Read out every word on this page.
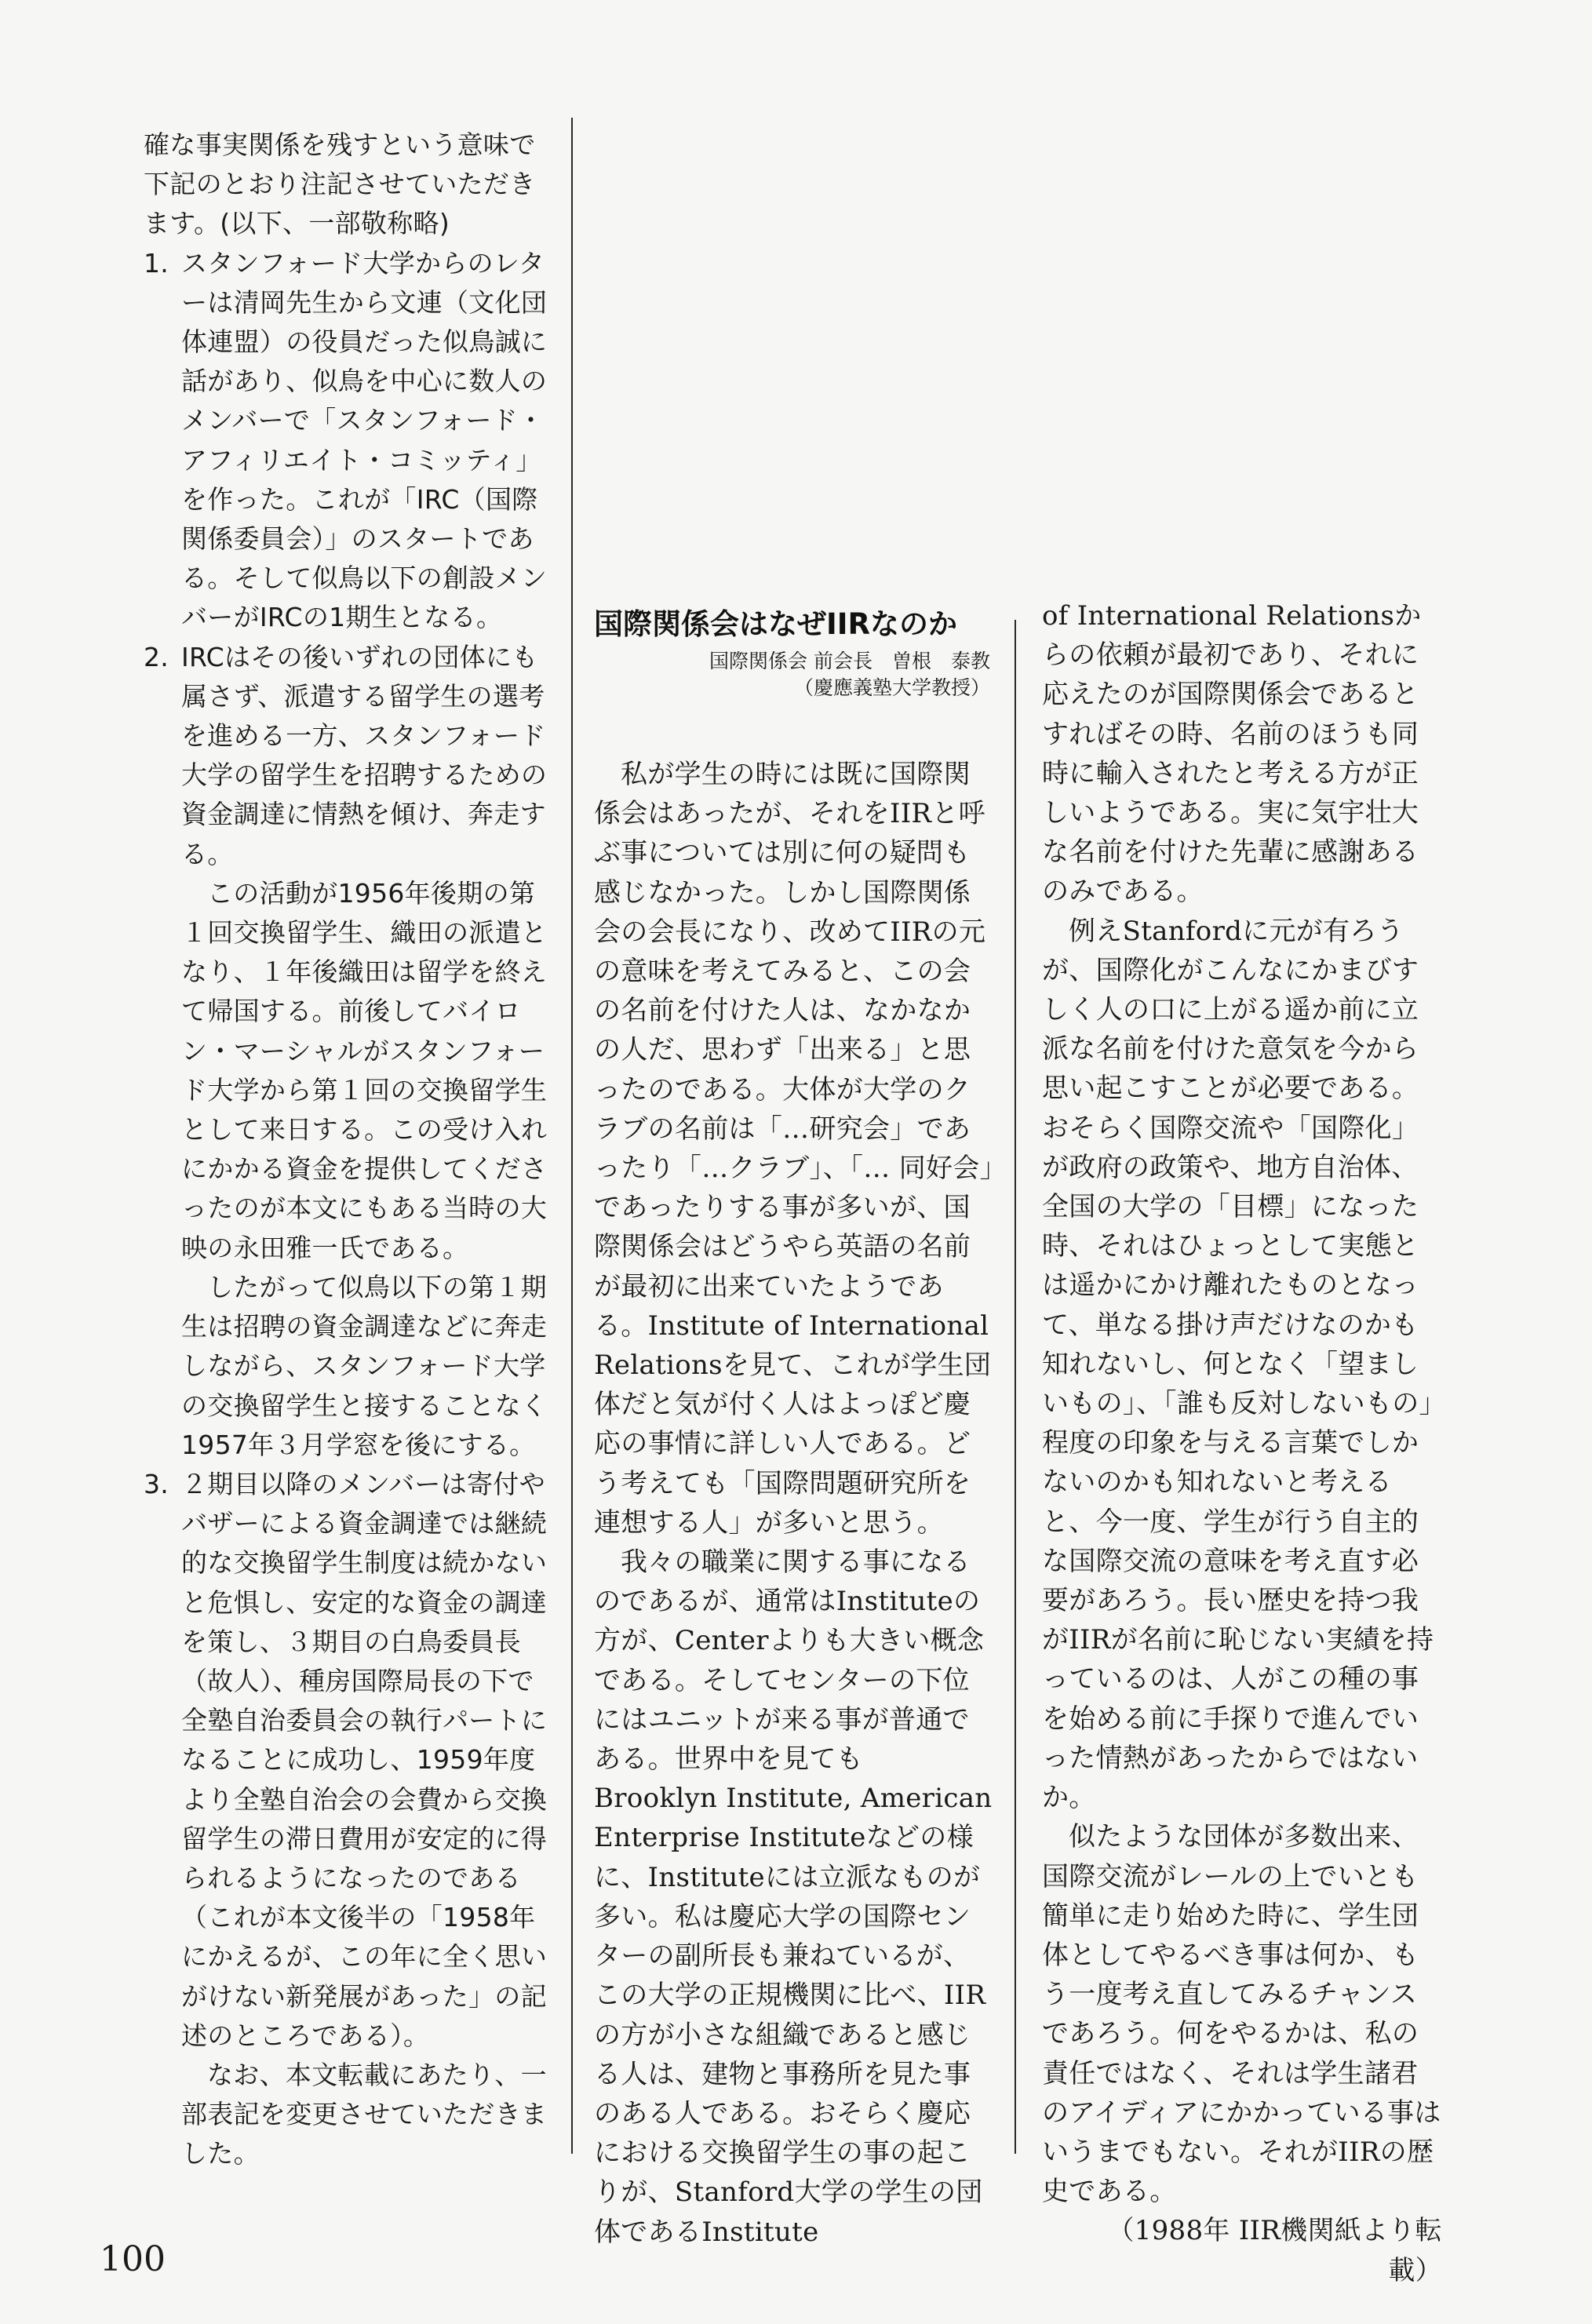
確な事実関係を残すという意味で下記のとおり注記させていただきます。(以下、一部敬称略)

1. スタンフォード大学からのレターは清岡先生から文連（文化団体連盟）の役員だった似鳥誠に話があり、似鳥を中心に数人のメンバーで「スタンフォード・アフィリエイト・コミッティ」を作った。これが「IRC（国際関係委員会）」のスタートである。そして似鳥以下の創設メンバーがIRCの1期生となる。
2. IRCはその後いずれの団体にも属さず、派遣する留学生の選考を進める一方、スタンフォード大学の留学生を招聘するための資金調達に情熱を傾け、奔走する。

この活動が1956年後期の第１回交換留学生、織田の派遣となり、１年後織田は留学を終えて帰国する。前後してバイロン・マーシャルがスタンフォード大学から第１回の交換留学生として来日する。この受け入れにかかる資金を提供してくださったのが本文にもある当時の大映の永田雅一氏である。

したがって似鳥以下の第１期生は招聘の資金調達などに奔走しながら、スタンフォード大学の交換留学生と接することなく1957年３月学窓を後にする。

3. ２期目以降のメンバーは寄付やバザーによる資金調達では継続的な交換留学生制度は続かないと危惧し、安定的な資金の調達を策し、３期目の白鳥委員長（故人）、種房国際局長の下で全塾自治委員会の執行パートになることに成功し、1959年度より全塾自治会の会費から交換留学生の滞日費用が安定的に得られるようになったのである（これが本文後半の「1958年にかえるが、この年に全く思いがけない新発展があった」の記述のところである）。

なお、本文転載にあたり、一部表記を変更させていただきました。

国際関係会はなぜIIRなのか
国際関係会 前会長　曽根　泰教
（慶應義塾大学教授）

私が学生の時には既に国際関係会はあったが、それをIIRと呼ぶ事については別に何の疑問も感じなかった。しかし国際関係会の会長になり、改めてIIRの元の意味を考えてみると、この会の名前を付けた人は、なかなかの人だ、思わず「出来る」と思ったのである。大体が大学のクラブの名前は「…研究会」であったり「…クラブ」、「… 同好会」であったりする事が多いが、国際関係会はどうやら英語の名前が最初に出来ていたようである。Institute of International Relationsを見て、これが学生団体だと気が付く人はよっぽど慶応の事情に詳しい人である。どう考えても「国際問題研究所を連想する人」が多いと思う。

我々の職業に関する事になるのであるが、通常はInstituteの方が、Centerよりも大きい概念である。そしてセンターの下位にはユニットが来る事が普通である。世界中を見ても Brooklyn Institute, American Enterprise Instituteなどの様に、Instituteには立派なものが多い。私は慶応大学の国際センターの副所長も兼ねているが、この大学の正規機関に比べ、IIRの方が小さな組織であると感じる人は、建物と事務所を見た事のある人である。おそらく慶応における交換留学生の事の起こりが、Stanford大学の学生の団体であるInstitute

of International Relationsからの依頼が最初であり、それに応えたのが国際関係会であるとすればその時、名前のほうも同時に輸入されたと考える方が正しいようである。実に気宇壮大な名前を付けた先輩に感謝あるのみである。

例えStanfordに元が有ろうが、国際化がこんなにかまびすしく人の口に上がる遥か前に立派な名前を付けた意気を今から思い起こすことが必要である。おそらく国際交流や「国際化」が政府の政策や、地方自治体、全国の大学の「目標」になった時、それはひょっとして実態とは遥かにかけ離れたものとなって、単なる掛け声だけなのかも知れないし、何となく「望ましいもの」、「誰も反対しないもの」程度の印象を与える言葉でしかないのかも知れないと考えると、今一度、学生が行う自主的な国際交流の意味を考え直す必要があろう。長い歴史を持つ我がIIRが名前に恥じない実績を持っているのは、人がこの種の事を始める前に手探りで進んでいった情熱があったからではないか。

似たような団体が多数出来、国際交流がレールの上でいとも簡単に走り始めた時に、学生団体としてやるべき事は何か、もう一度考え直してみるチャンスであろう。何をやるかは、私の責任ではなく、それは学生諸君のアイディアにかかっている事はいうまでもない。それがIIRの歴史である。

（1988年 IIR機関紙より転載）

100
